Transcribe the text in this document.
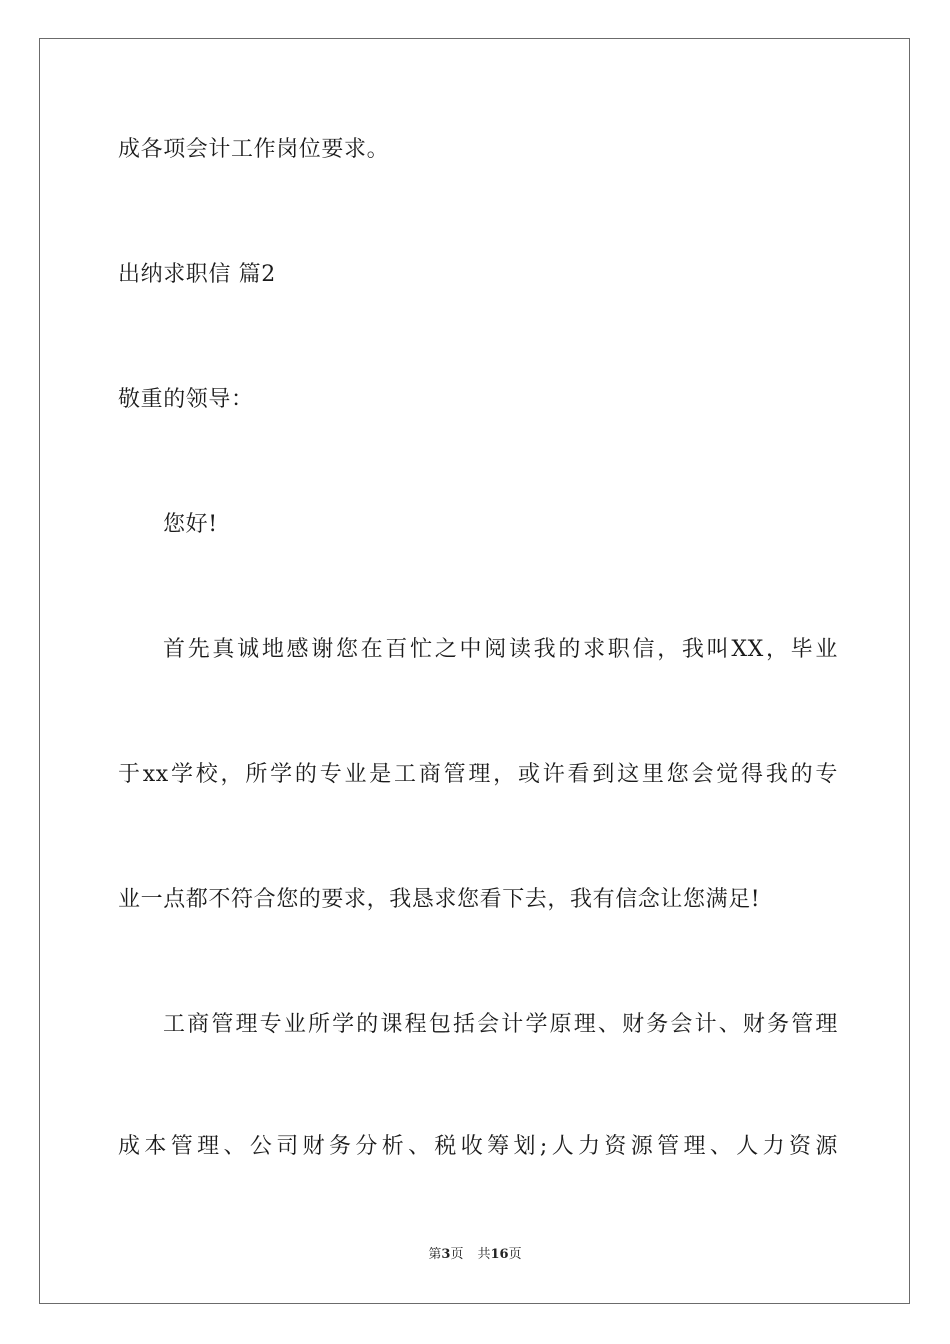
成各项会计工作岗位要求。
出纳求职信 篇2
敬重的领导：
您好!
首先真诚地感谢您在百忙之中阅读我的求职信，我叫XX，毕业
于xx学校，所学的专业是工商管理，或许看到这里您会觉得我的专
业一点都不符合您的要求，我恳求您看下去，我有信念让您满足!
工商管理专业所学的课程包括会计学原理、财务会计、财务管理
成本管理、公司财务分析、税收筹划;人力资源管理、人力资源
第3页 共16页
